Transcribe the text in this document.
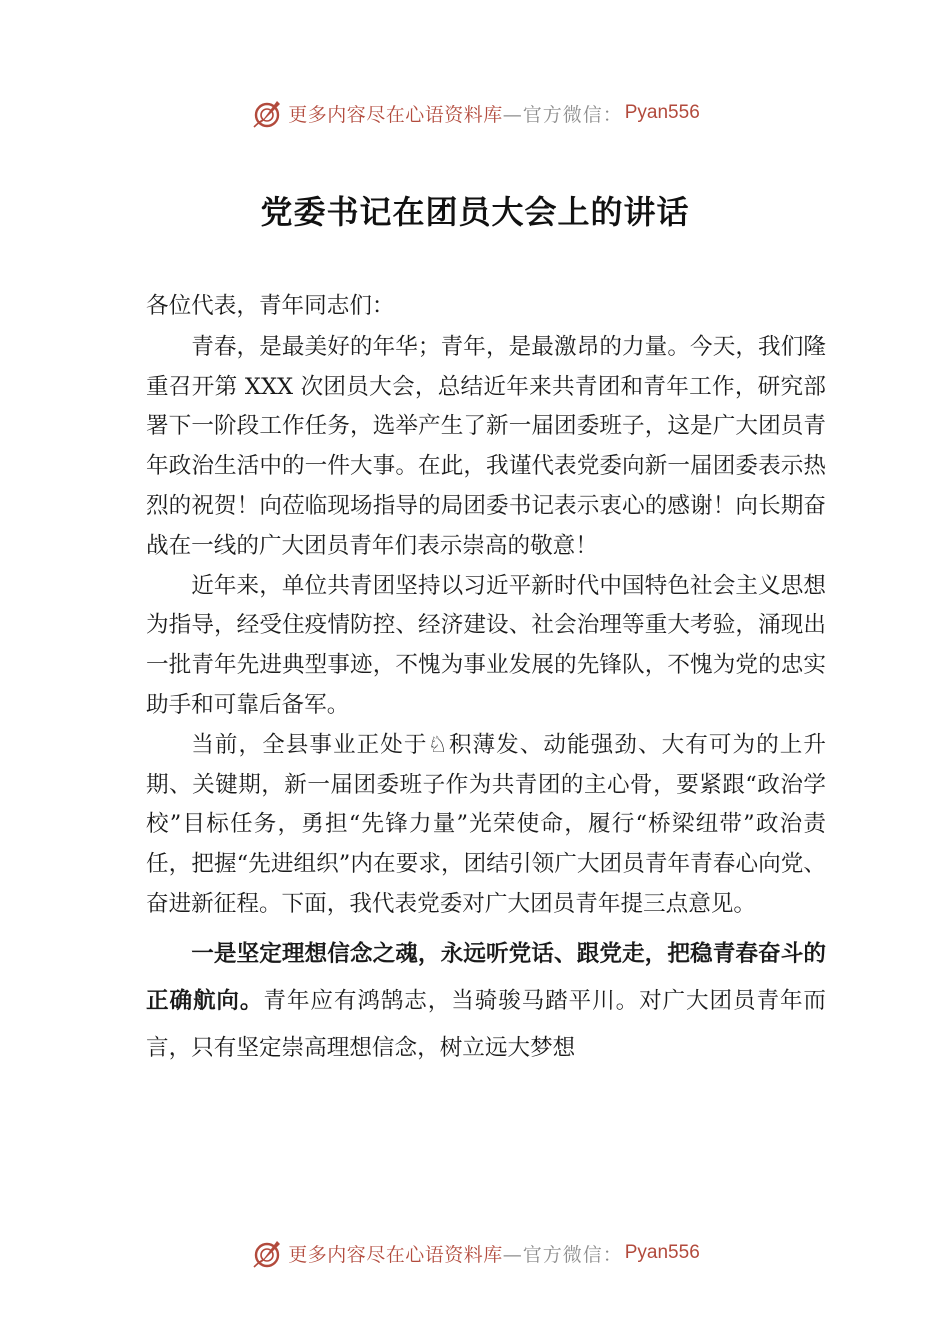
更多内容尽在心语资料库 —官方微信： Pyan556
党委书记在团员大会上的讲话

各位代表，青年同志们：

青春，是最美好的年华；青年，是最激昂的力量。今天，我们隆重召开第 XXX 次团员大会，总结近年来共青团和青年工作，研究部署下一阶段工作任务，选举产生了新一届团委班子，这是广大团员青年政治生活中的一件大事。在此，我谨代表党委向新一届团委表示热烈的祝贺！向莅临现场指导的局团委书记表示衷心的感谢！向长期奋战在一线的广大团员青年们表示崇高的敬意！

近年来，单位共青团坚持以习近平新时代中国特色社会主义思想为指导，经受住疫情防控、经济建设、社会治理等重大考验，涌现出一批青年先进典型事迹，不愧为事业发展的先锋队，不愧为党的忠实助手和可靠后备军。

当前，全县事业正处于♘积薄发、动能强劲、大有可为的上升期、关键期，新一届团委班子作为共青团的主心骨，要紧跟“政治学校”目标任务，勇担“先锋力量”光荣使命，履行“桥梁纽带”政治责任，把握“先进组织”内在要求，团结引领广大团员青年青春心向党、奋进新征程。下面，我代表党委对广大团员青年提三点意见。

一是坚定理想信念之魂，永远听党话、跟党走，把稳青春奋斗的正确航向。青年应有鸿鹄志，当骑骏马踏平川。对广大团员青年而言，只有坚定崇高理想信念，树立远大梦想

更多内容尽在心语资料库 —官方微信： Pyan556
